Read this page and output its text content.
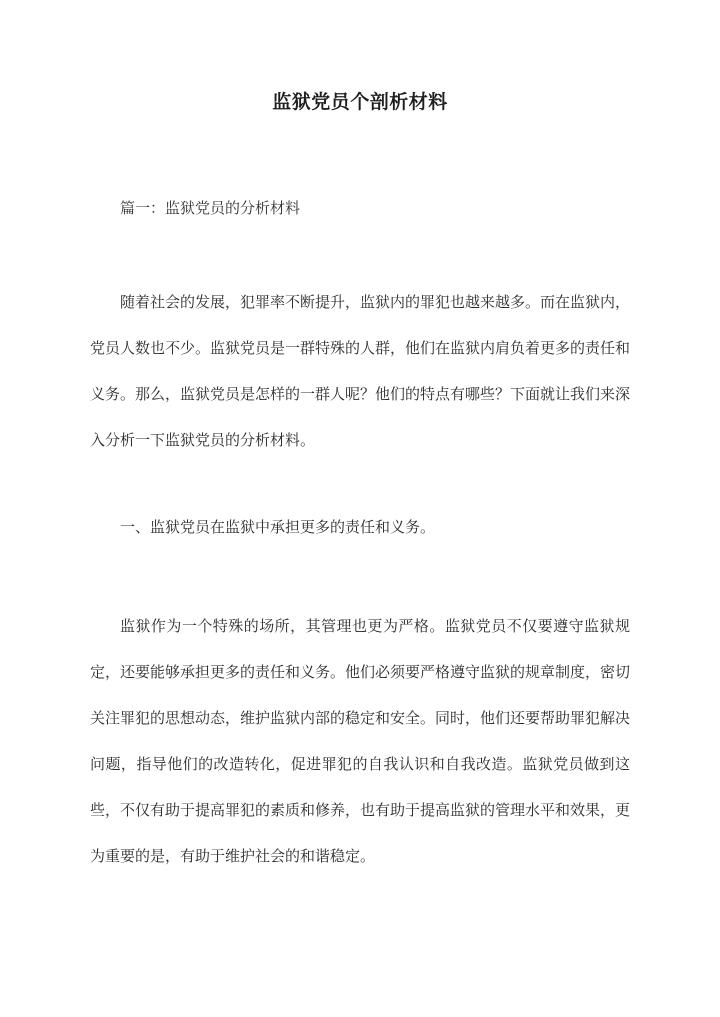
监狱党员个剖析材料
篇一：监狱党员的分析材料
随着社会的发展，犯罪率不断提升，监狱内的罪犯也越来越多。而在监狱内，党员人数也不少。监狱党员是一群特殊的人群，他们在监狱内肩负着更多的责任和义务。那么，监狱党员是怎样的一群人呢？他们的特点有哪些？下面就让我们来深入分析一下监狱党员的分析材料。
一、监狱党员在监狱中承担更多的责任和义务。
监狱作为一个特殊的场所，其管理也更为严格。监狱党员不仅要遵守监狱规定，还要能够承担更多的责任和义务。他们必须要严格遵守监狱的规章制度，密切关注罪犯的思想动态，维护监狱内部的稳定和安全。同时，他们还要帮助罪犯解决问题，指导他们的改造转化，促进罪犯的自我认识和自我改造。监狱党员做到这些，不仅有助于提高罪犯的素质和修养，也有助于提高监狱的管理水平和效果，更为重要的是，有助于维护社会的和谐稳定。
